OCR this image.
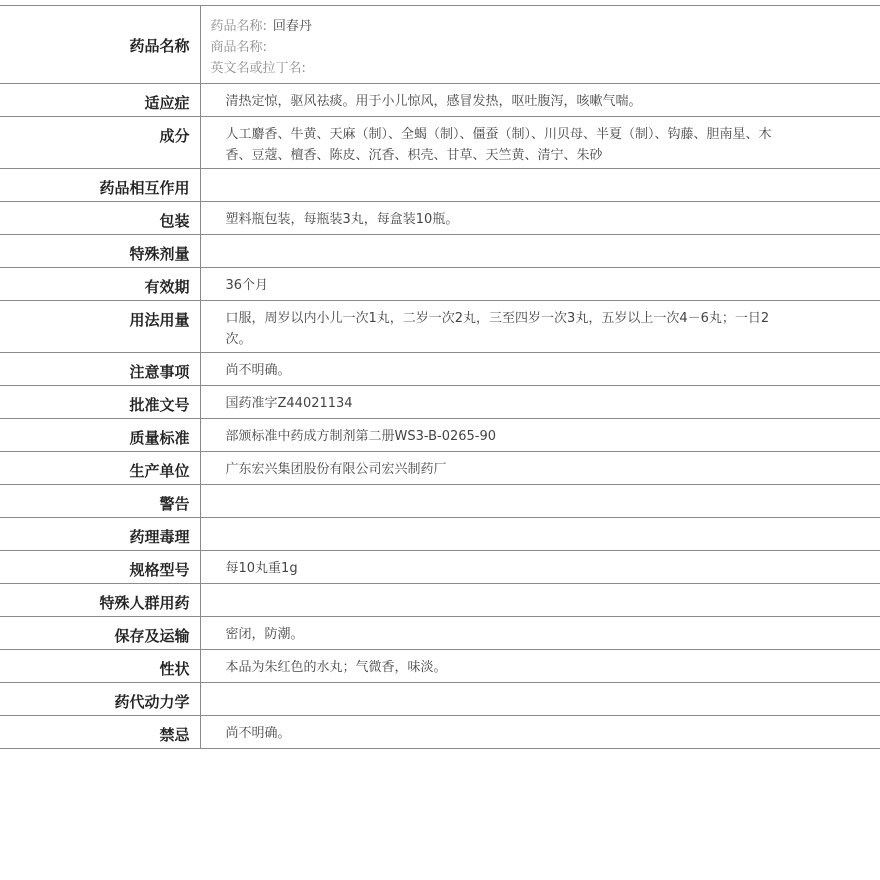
药品名称	药品名称: 回春丹
商品名称:
英文名或拉丁名:

适应症	清热定惊，驱风祛痰。用于小儿惊风，感冒发热，呕吐腹泻，咳嗽气喘。

成分	人工麝香、牛黄、天麻（制）、全蝎（制）、僵蚕（制）、川贝母、半夏（制）、钩藤、胆南星、木香、豆蔻、檀香、陈皮、沉香、枳壳、甘草、天竺黄、清宁、朱砂

药品相互作用	

包装	塑料瓶包装，每瓶装3丸，每盒装10瓶。

特殊剂量	

有效期	36个月

用法用量	口服，周岁以内小儿一次1丸，二岁一次2丸，三至四岁一次3丸，五岁以上一次4－6丸；一日2次。

注意事项	尚不明确。

批准文号	国药准字Z44021134

质量标准	部颁标准中药成方制剂第二册WS3-B-0265-90

生产单位	广东宏兴集团股份有限公司宏兴制药厂

警告	

药理毒理	

规格型号	每10丸重1g

特殊人群用药	

保存及运输	密闭，防潮。

性状	本品为朱红色的水丸；气微香，味淡。

药代动力学	

禁忌	尚不明确。
